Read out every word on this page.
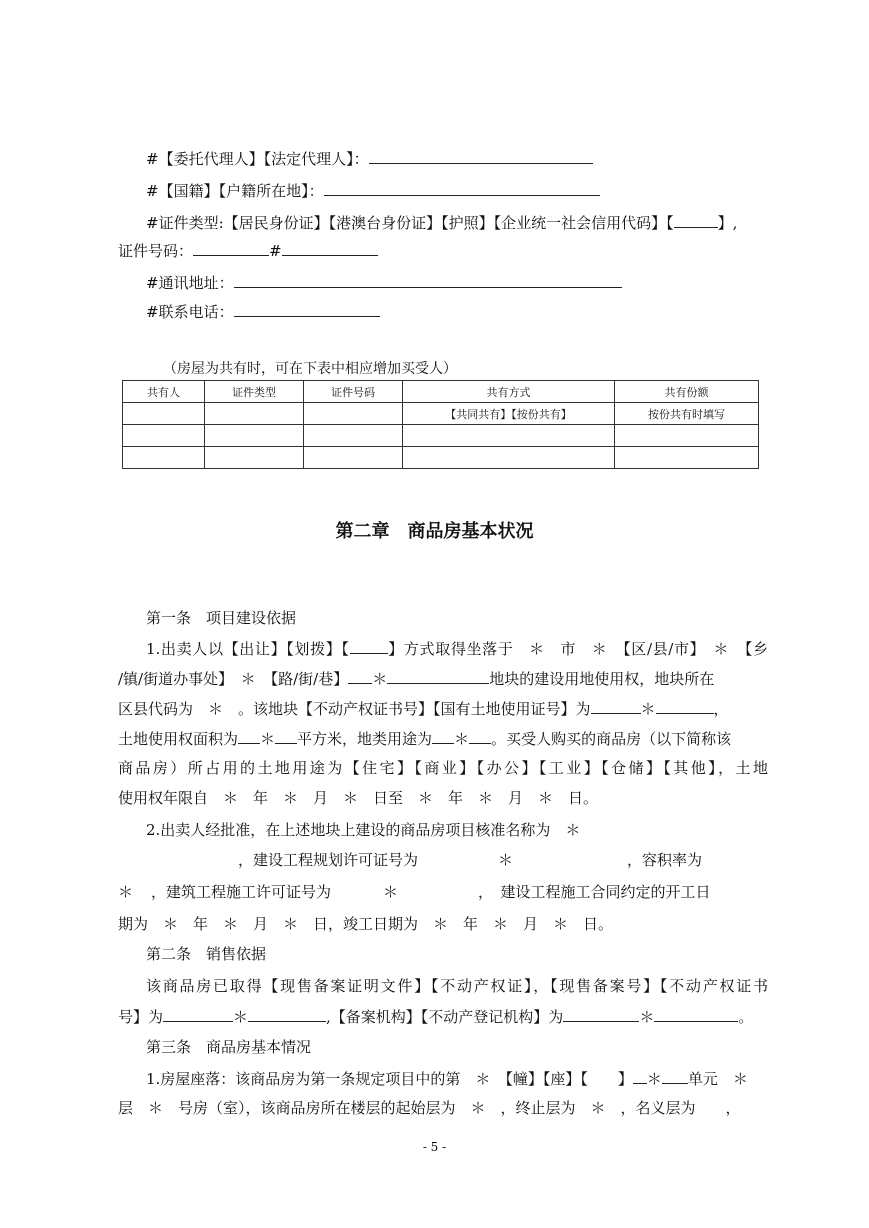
#【委托代理人】【法定代理人】：
#【国籍】【户籍所在地】：
#证件类型:【居民身份证】【港澳台身份证】【护照】【企业统一社会信用代码】【	】,
证件号码：	#
#通讯地址：
#联系电话：
（房屋为共有时，可在下表中相应增加买受人）
共有人	证件类型	证件号码	共有方式	共有份额
			【共同共有】【按份共有】	按份共有时填写

第二章　商品房基本状况
第一条　项目建设依据
1.出卖人以【出让】【划拨】【	】方式取得坐落于　＊　市　＊　【区/县/市】　＊　【乡
/镇/街道办事处】　＊　【路/街/巷】 ＊	地块的建设用地使用权，地块所在
区县代码为　＊　。该地块【不动产权证书号】【国有土地使用证号】为	＊	，
土地使用权面积为 ＊ 平方米，地类用途为 ＊ 。买受人购买的商品房（以下简称该
商品房）所占用的土地用途为【住宅】【商业】【办公】【工业】【仓储】【其他】，土地
使用权年限自　＊　年　＊　月　＊　日至　＊　年　＊　月　＊　日。
2.出卖人经批准，在上述地块上建设的商品房项目核准名称为　＊
，建设工程规划许可证号为	＊	，容积率为
＊ ，建筑工程施工许可证号为	＊	，　建设工程施工合同约定的开工日
期为　＊　年　＊　月　＊　日，竣工日期为　＊　年　＊　月　＊　日。
第二条　销售依据
该商品房已取得【现售备案证明文件】【不动产权证】，【现售备案号】【不动产权证书
号】为	＊	,【备案机构】【不动产登记机构】为	＊	。
第三条　商品房基本情况
1.房屋座落：该商品房为第一条规定项目中的第　＊　【幢】【座】【　　】 ＊ 单元　＊
层　＊　号房（室），该商品房所在楼层的起始层为　＊　，终止层为　＊　，名义层为　　，
- 5 -
